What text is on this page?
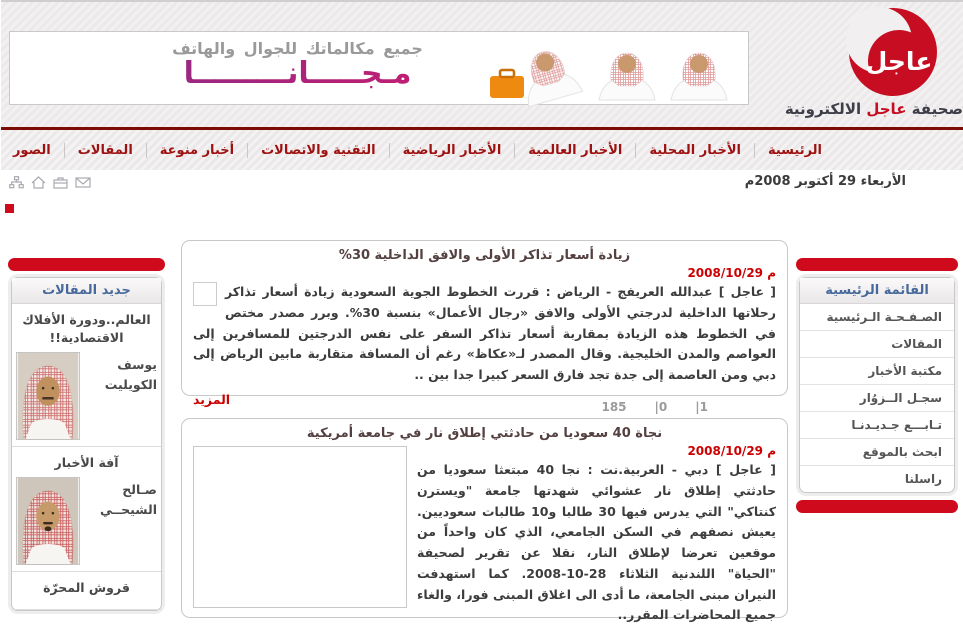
جميع مكالماتك للجوال والهاتف
مـجـــــانـــــــــا	عاجل
صحيفة عاجل الالكترونية
الرئيسية
الأخبار المحلية
الأخبار العالمية
الأخبار الرياضية
التقنية والاتصالات
أخبار منوعة
المقالات
الصور
الأربعاء 29 أكتوبر 2008م
جديد المقالات
العالم..ودورة الأفلاك الاقتصادية!!
يوسف الكويليت
آفة الأخبار
صـالح الشيحــي
قروش المحرّة
زيادة أسعار تذاكر الأولى والافق الداخلية 30%
2008/10/29 م
[ عاجل ] عبدالله العريفج - الرياض : قررت الخطوط الجوية السعودية زيادة أسعار تذاكر رحلاتها الداخلية لدرجتي الأولى والافق «رجال الأعمال» بنسبة 30%. وبرر مصدر مختص في الخطوط هذه الزيادة بمقاربة أسعار تذاكر السفر على نفس الدرجتين للمسافرين إلى العواصم والمدن الخليجية. وقال المصدر لـ«عكاظ» رغم أن المسافة متقاربة مابين الرياض إلى دبي ومن العاصمة إلى جدة تجد فارق السعر كبيرا جدا بين ..
المزيد
185 |0 |1
نجاة 40 سعوديا من حادثتي إطلاق نار في جامعة أمريكية
2008/10/29 م
[ عاجل ] دبي - العربية.نت : نجا 40 مبتعثا سعوديا من حادثتي إطلاق نار عشوائي شهدتها جامعة "ويسترن كنتاكي" التي يدرس فيها 30 طالبا و10 طالبات سعوديين. يعيش نصفهم في السكن الجامعي، الذي كان واحداً من موقعين تعرضا لإطلاق النار، نقلا عن تقرير لصحيفة "الحياة" اللندنية الثلاثاء 28-10-2008. كما استهدفت النيران مبنى الجامعة، ما أدى الى اغلاق المبنى فورا، والغاء جميع المحاضرات المقرر..
القائمة الرئيسية
الصـفـحـة الـرئيسية
المقالات
مكتبة الأخبار
سجـل الــزوُار
تـابـــع جـديـدنـا
ابحث بالموقع
راسلنا
